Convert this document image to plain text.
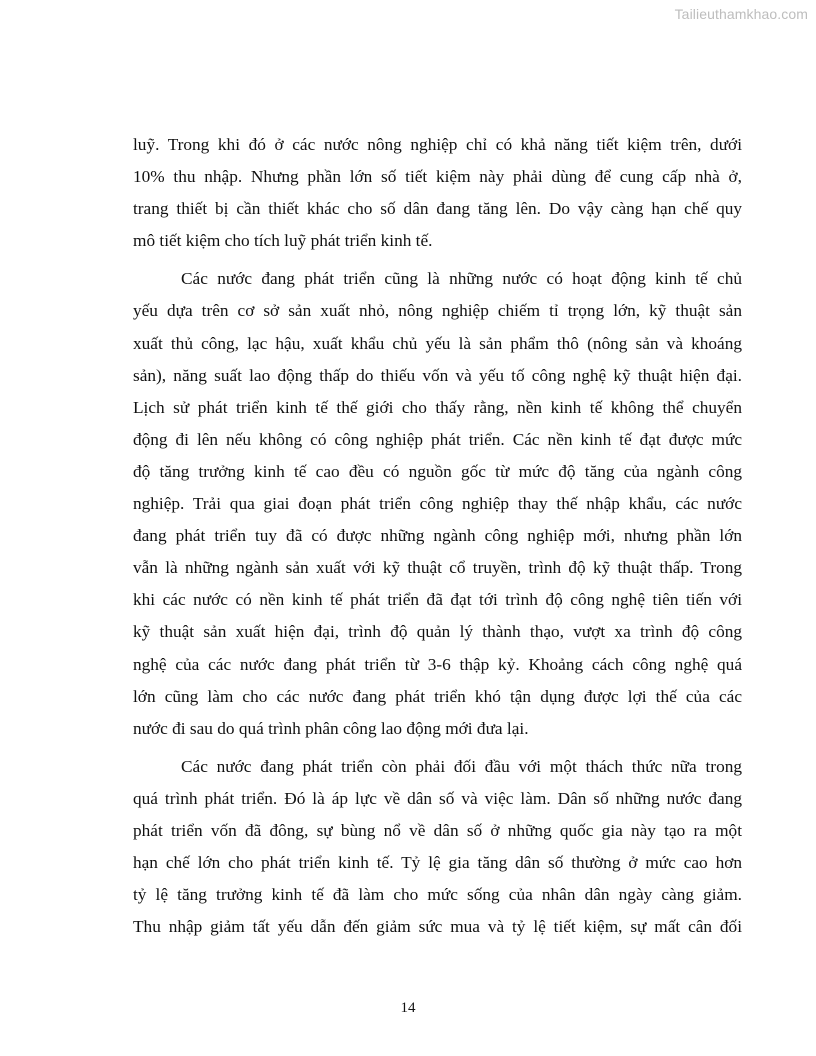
Tailieuthamkhao.com
luỹ. Trong khi đó ở các nước nông nghiệp chỉ có khả năng tiết kiệm trên, dưới
10% thu nhập. Nhưng phần lớn số tiết kiệm này phải dùng để cung cấp nhà ở,
trang thiết bị cần thiết khác cho số dân đang tăng lên. Do vậy càng hạn chế quy
mô tiết kiệm cho tích luỹ phát triển kinh tế.
Các nước đang phát triển cũng là những nước có hoạt động kinh tế chủ
yếu dựa trên cơ sở sản xuất nhỏ, nông nghiệp chiếm tỉ trọng lớn, kỹ thuật sản
xuất thủ công, lạc hậu, xuất khẩu chủ yếu là sản phẩm thô (nông sản và khoáng
sản), năng suất lao động thấp do thiếu vốn và yếu tố công nghệ kỹ thuật hiện đại.
Lịch sử phát triển kinh tế thế giới cho thấy rằng, nền kinh tế không thể chuyển
động đi lên nếu không có công nghiệp phát triển. Các nền kinh tế đạt được mức
độ tăng trưởng kinh tế cao đều có nguồn gốc từ mức độ tăng của ngành công
nghiệp. Trải qua giai đoạn phát triển công nghiệp thay thế nhập khẩu, các nước
đang phát triển tuy đã có được những ngành công nghiệp mới, nhưng phần lớn
vẫn là những ngành sản xuất với kỹ thuật cổ truyền, trình độ kỹ thuật thấp. Trong
khi các nước có nền kinh tế phát triển đã đạt tới trình độ công nghệ tiên tiến với
kỹ thuật sản xuất hiện đại, trình độ quản lý thành thạo, vượt xa trình độ công
nghệ của các nước đang phát triển từ 3-6 thập kỷ. Khoảng cách công nghệ quá
lớn cũng làm cho các nước đang phát triển khó tận dụng được lợi thế của các
nước đi sau do quá trình phân công lao động mới đưa lại.
Các nước đang phát triển còn phải đối đầu với một thách thức nữa trong
quá trình phát triển. Đó là áp lực về dân số và việc làm. Dân số những nước đang
phát triển vốn đã đông, sự bùng nổ về dân số ở những quốc gia này tạo ra một
hạn chế lớn cho phát triển kinh tế. Tỷ lệ gia tăng dân số thường ở mức cao hơn
tỷ lệ tăng trưởng kinh tế đã làm cho mức sống của nhân dân ngày càng giảm.
Thu nhập giảm tất yếu dẫn đến giảm sức mua và tỷ lệ tiết kiệm, sự mất cân đối
14
